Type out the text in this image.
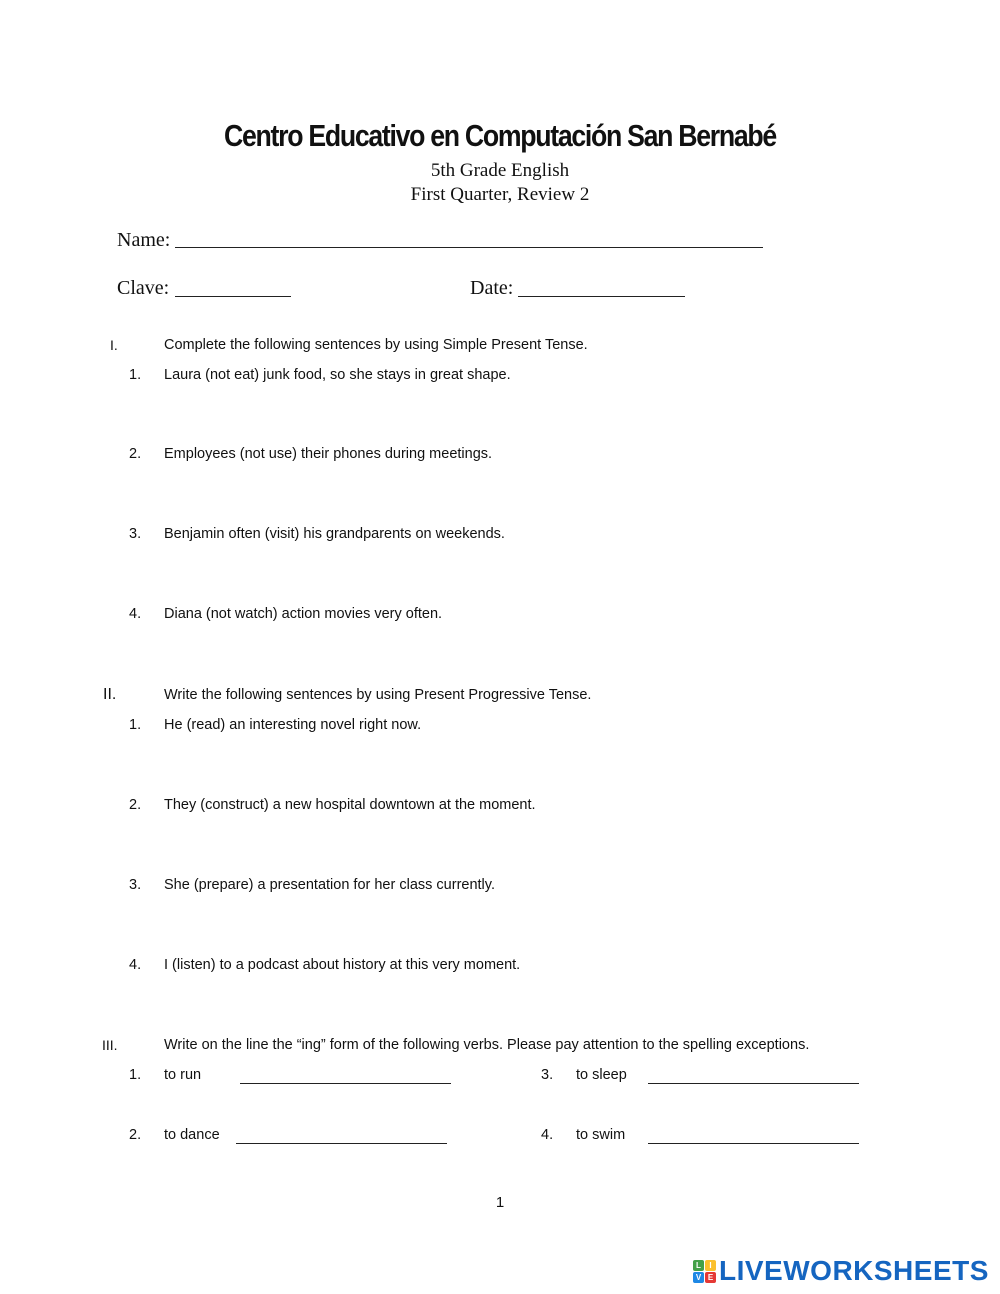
Centro Educativo en Computación San Bernabé
5th Grade English
First Quarter, Review 2
Name:
Clave:	Date:
I.	Complete the following sentences by using Simple Present Tense.
1. Laura (not eat) junk food, so she stays in great shape.
2. Employees (not use) their phones during meetings.
3. Benjamin often (visit) his grandparents on weekends.
4. Diana (not watch) action movies very often.
II.	Write the following sentences by using Present Progressive Tense.
1. He (read) an interesting novel right now.
2. They (construct) a new hospital downtown at the moment.
3. She (prepare) a presentation for her class currently.
4. I (listen) to a podcast about history at this very moment.
III.	Write on the line the “ing” form of the following verbs. Please pay attention to the spelling exceptions.
1. to run	3. to sleep
2. to dance	4. to swim
1
L	I
V E LIVEWORKSHEETS
